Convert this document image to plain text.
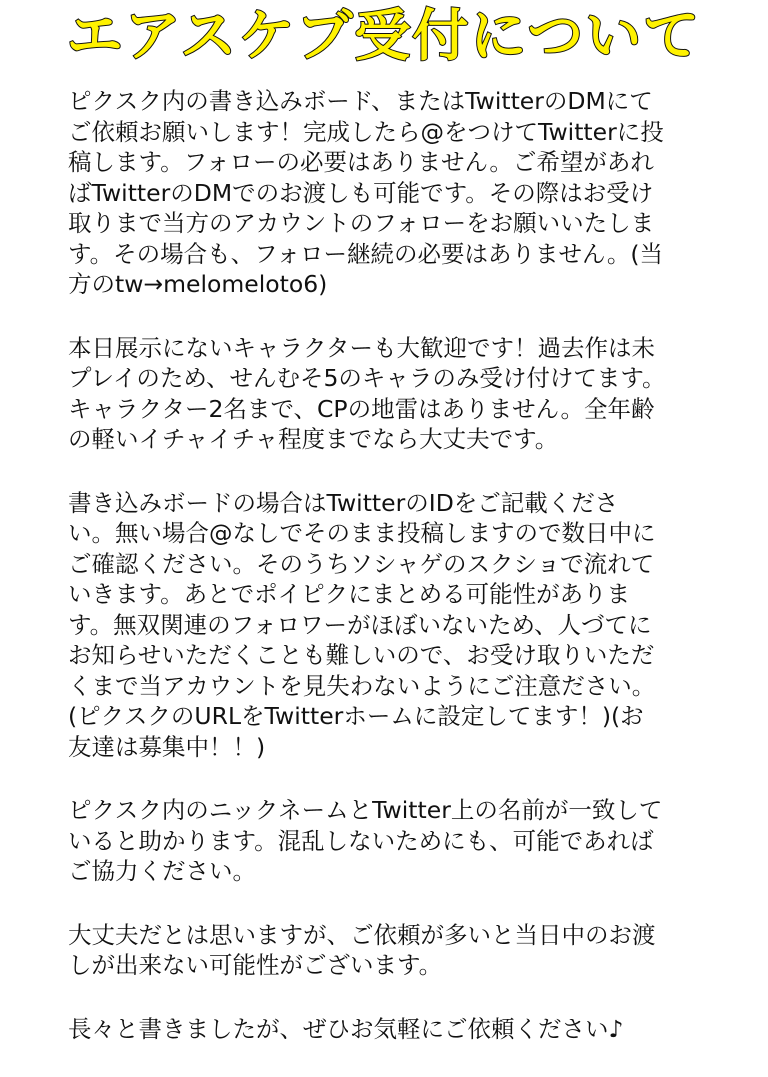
エアスケブ受付について

ピクスク内の書き込みボード、またはTwitterのDMにて
ご依頼お願いします！完成したら@をつけてTwitterに投
稿します。フォローの必要はありません。ご希望があれ
ばTwitterのDMでのお渡しも可能です。その際はお受け
取りまで当方のアカウントのフォローをお願いいたしま
す。その場合も、フォロー継続の必要はありません。(当
方のtw→melomeloto6)

本日展示にないキャラクターも大歓迎です！過去作は未
プレイのため、せんむそ5のキャラのみ受け付けてます。
キャラクター2名まで、CPの地雷はありません。全年齢
の軽いイチャイチャ程度までなら大丈夫です。

書き込みボードの場合はTwitterのIDをご記載くださ
い。無い場合@なしでそのまま投稿しますので数日中に
ご確認ください。そのうちソシャゲのスクショで流れて
いきます。あとでポイピクにまとめる可能性がありま
す。無双関連のフォロワーがほぼいないため、人づてに
お知らせいただくことも難しいので、お受け取りいただ
くまで当アカウントを見失わないようにご注意ださい。
(ピクスクのURLをTwitterホームに設定してます！)(お
友達は募集中！！)

ピクスク内のニックネームとTwitter上の名前が一致して
いると助かります。混乱しないためにも、可能であれば
ご協力ください。

大丈夫だとは思いますが、ご依頼が多いと当日中のお渡
しが出来ない可能性がございます。

長々と書きましたが、ぜひお気軽にご依頼ください♪
